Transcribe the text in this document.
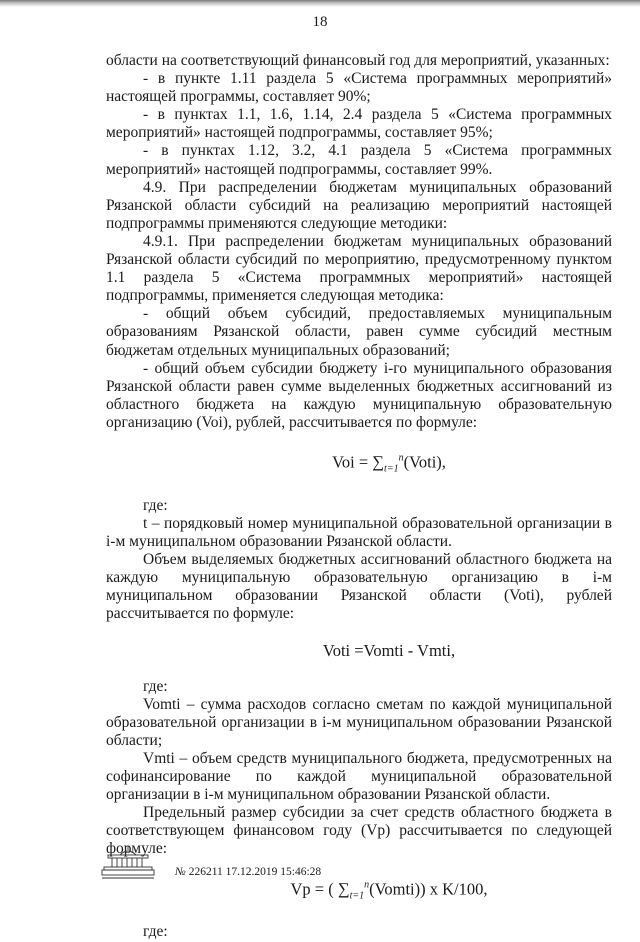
18

области на соответствующий финансовый год для мероприятий, указанных:

- в пункте 1.11 раздела 5 «Система программных мероприятий» настоящей программы, составляет 90%;

- в пунктах 1.1, 1.6, 1.14, 2.4 раздела 5 «Система программных мероприятий» настоящей подпрограммы, составляет 95%;

- в пунктах 1.12, 3.2, 4.1 раздела 5 «Система программных мероприятий» настоящей подпрограммы, составляет 99%.

4.9. При распределении бюджетам муниципальных образований Рязанской области субсидий на реализацию мероприятий настоящей подпрограммы применяются следующие методики:

4.9.1. При распределении бюджетам муниципальных образований Рязанской области субсидий по мероприятию, предусмотренному пунктом 1.1 раздела 5 «Система программных мероприятий» настоящей подпрограммы, применяется следующая методика:

- общий объем субсидий, предоставляемых муниципальным образованиям Рязанской области, равен сумме субсидий местным бюджетам отдельных муниципальных образований;

- общий объем субсидии бюджету i-го муниципального образования Рязанской области равен сумме выделенных бюджетных ассигнований из областного бюджета на каждую муниципальную образовательную организацию (Voi), рублей, рассчитывается по формуле:

Voi = $\sum_{t=1}^n(Voti)$,

где:

t – порядковый номер муниципальной образовательной организации в i-м муниципальном образовании Рязанской области.

Объем выделяемых бюджетных ассигнований областного бюджета на каждую муниципальную образовательную организацию в i-м муниципальном образовании Рязанской области (Voti), рублей рассчитывается по формуле:

Voti =Vomti - Vmti,

где:

Vomti – сумма расходов согласно сметам по каждой муниципальной образовательной организации в i-м муниципальном образовании Рязанской области;

Vmti – объем средств муниципального бюджета, предусмотренных на софинансирование по каждой муниципальной образовательной организации в i-м муниципальном образовании Рязанской области.

Предельный размер субсидии за счет средств областного бюджета в соответствующем финансовом году (Vp) рассчитывается по следующей формуле:

Vp = ( $\sum_{t=1}^n(Vomti)$) x K/100,

где:

№ 226211 17.12.2019 15:46:28
